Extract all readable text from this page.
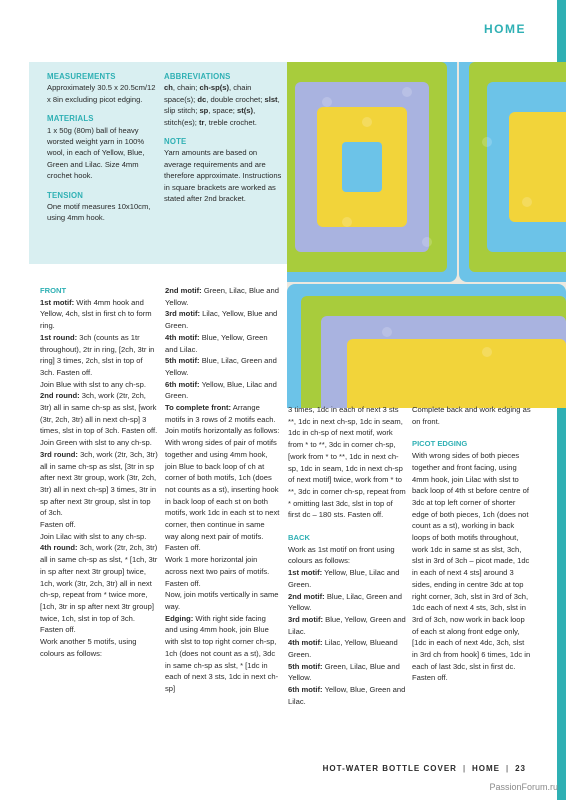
HOME
MEASUREMENTS
Approximately 30.5 x 20.5cm/12 x 8in excluding picot edging.
MATERIALS
1 x 50g (80m) ball of heavy worsted weight yarn in 100% wool, in each of Yellow, Blue, Green and Lilac. Size 4mm crochet hook.
TENSION
One motif measures 10x10cm, using 4mm hook.
ABBREVIATIONS
ch, chain; ch-sp(s), chain space(s); dc, double crochet; slst, slip stitch; sp, space; st(s), stitch(es); tr, treble crochet.
NOTE
Yarn amounts are based on average requirements and are therefore approximate. Instructions in square brackets are worked as stated after 2nd bracket.
FRONT

1st motif: With 4mm hook and Yellow, 4ch, slst in first ch to form ring.

1st round: 3ch (counts as 1tr throughout), 2tr in ring, [2ch, 3tr in ring] 3 times, 2ch, slst in top of 3ch. Fasten off.

Join Blue with slst to any ch-sp.

2nd round: 3ch, work (2tr, 2ch, 3tr) all in same ch-sp as slst, [work (3tr, 2ch, 3tr) all in next ch-sp] 3 times, slst in top of 3ch. Fasten off.

Join Green with slst to any ch-sp.

3rd round: 3ch, work (2tr, 3ch, 3tr) all in same ch-sp as slst, [3tr in sp after next 3tr group, work (3tr, 2ch, 3tr) all in next ch-sp] 3 times, 3tr in sp after next 3tr group, slst in top of 3ch.

Fasten off.

Join Lilac with slst to any ch-sp.

4th round: 3ch, work (2tr, 2ch, 3tr) all in same ch-sp as slst, * [1ch, 3tr in sp after next 3tr group] twice, 1ch, work (3tr, 2ch, 3tr) all in next ch-sp, repeat from * twice more, [1ch, 3tr in sp after next 3tr group] twice, 1ch, slst in top of 3ch. Fasten off.

Work another 5 motifs, using colours as follows:

2nd motif: Green, Lilac, Blue and Yellow.

3rd motif: Lilac, Yellow, Blue and Green.

4th motif: Blue, Yellow, Green and Lilac.

5th motif: Blue, Lilac, Green and Yellow.

6th motif: Yellow, Blue, Lilac and Green.

To complete front: Arrange motifs in 3 rows of 2 motifs each.

Join motifs horizontally as follows: With wrong sides of pair of motifs together and using 4mm hook, join Blue to back loop of ch at corner of both motifs, 1ch (does not counts as a st), inserting hook in back loop of each st on both motifs, work 1dc in each st to next corner, then continue in same way along next pair of motifs.

Fasten off.

Work 1 more horizontal join across next two pairs of motifs. Fasten off.

Now, join motifs vertically in same way.

Edging: With right side facing and using 4mm hook, join Blue with slst to top right corner ch-sp, 1ch (does not count as a st), 3dc in same ch-sp as slst, * [1dc in each of next 3 sts, 1dc in next ch-sp]

3 times, 1dc in each of next 3 sts **, 1dc in next ch-sp, 1dc in seam, 1dc in ch-sp of next motif, work from * to **, 3dc in corner ch-sp, [work from * to **, 1dc in next ch-sp, 1dc in seam, 1dc in next ch-sp of next motif] twice, work from * to **, 3dc in corner ch-sp, repeat from * omitting last 3dc, slst in top of first dc – 180 sts. Fasten off.

BACK

Work as 1st motif on front using colours as follows:

1st motif: Yellow, Blue, Lilac and Green.

2nd motif: Blue, Lilac, Green and Yellow.

3rd motif: Blue, Yellow, Green and Lilac.

4th motif: Lilac, Yellow, Blueand Green.

5th motif: Green, Lilac, Blue and Yellow.

6th motif: Yellow, Blue, Green and Lilac.

Complete back and work edging as on front.

PICOT EDGING

With wrong sides of both pieces together and front facing, using 4mm hook, join Lilac with slst to back loop of 4th st before centre of 3dc at top left corner of shorter edge of both pieces, 1ch (does not count as a st), working in back loops of both motifs throughout, work 1dc in same st as slst, 3ch, slst in 3rd of 3ch – picot made, 1dc in each of next 4 sts] around 3 sides, ending in centre 3dc at top right corner, 3ch, slst in 3rd of 3ch, 1dc each of next 4 sts, 3ch, slst in 3rd of 3ch, now work in back loop of each st along front edge only, [1dc in each of next 4dc, 3ch, slst in 3rd ch from hook] 6 times, 1dc in each of last 3dc, slst in first dc. Fasten off.

HOT-WATER BOTTLE COVER | HOME | 23
PassionForum.ru
